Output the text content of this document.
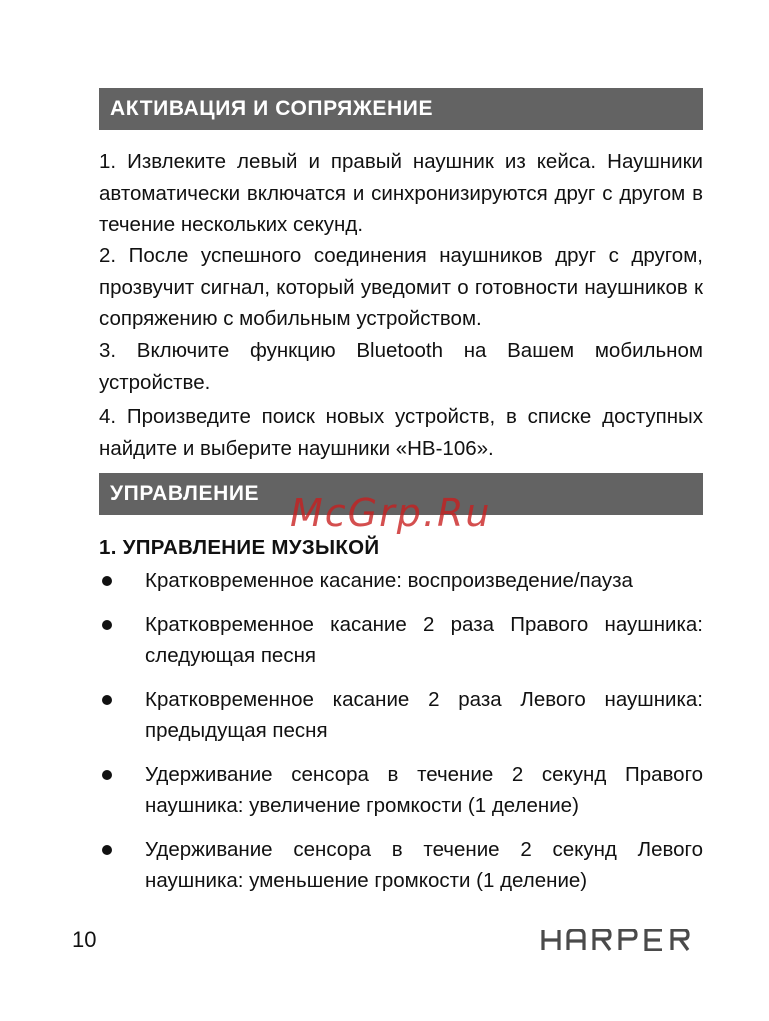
АКТИВАЦИЯ И СОПРЯЖЕНИЕ

1. Извлеките левый и правый наушник из кейса. Наушники автоматически включатся и синхронизируются друг с другом в течение нескольких секунд.

2. После успешного соединения наушников друг с другом, прозвучит сигнал, который уведомит о готовности наушников к сопряжению с мобильным устройством.

3. Включите функцию Bluetooth на Вашем мобильном устройстве.

4. Произведите поиск новых устройств, в списке доступных найдите и выберите наушники «HB-106».

УПРАВЛЕНИЕ

1. УПРАВЛЕНИЕ МУЗЫКОЙ

Кратковременное касание: воспроизведение/пауза
Кратковременное касание 2 раза Правого наушника: следующая песня
Кратковременное касание 2 раза Левого наушника: предыдущая песня
Удерживание сенсора в течение 2 секунд Правого наушника: увеличение громкости (1 деление)
Удерживание сенсора в течение 2 секунд Левого наушника: уменьшение громкости (1 деление)
McGrp.Ru
10
